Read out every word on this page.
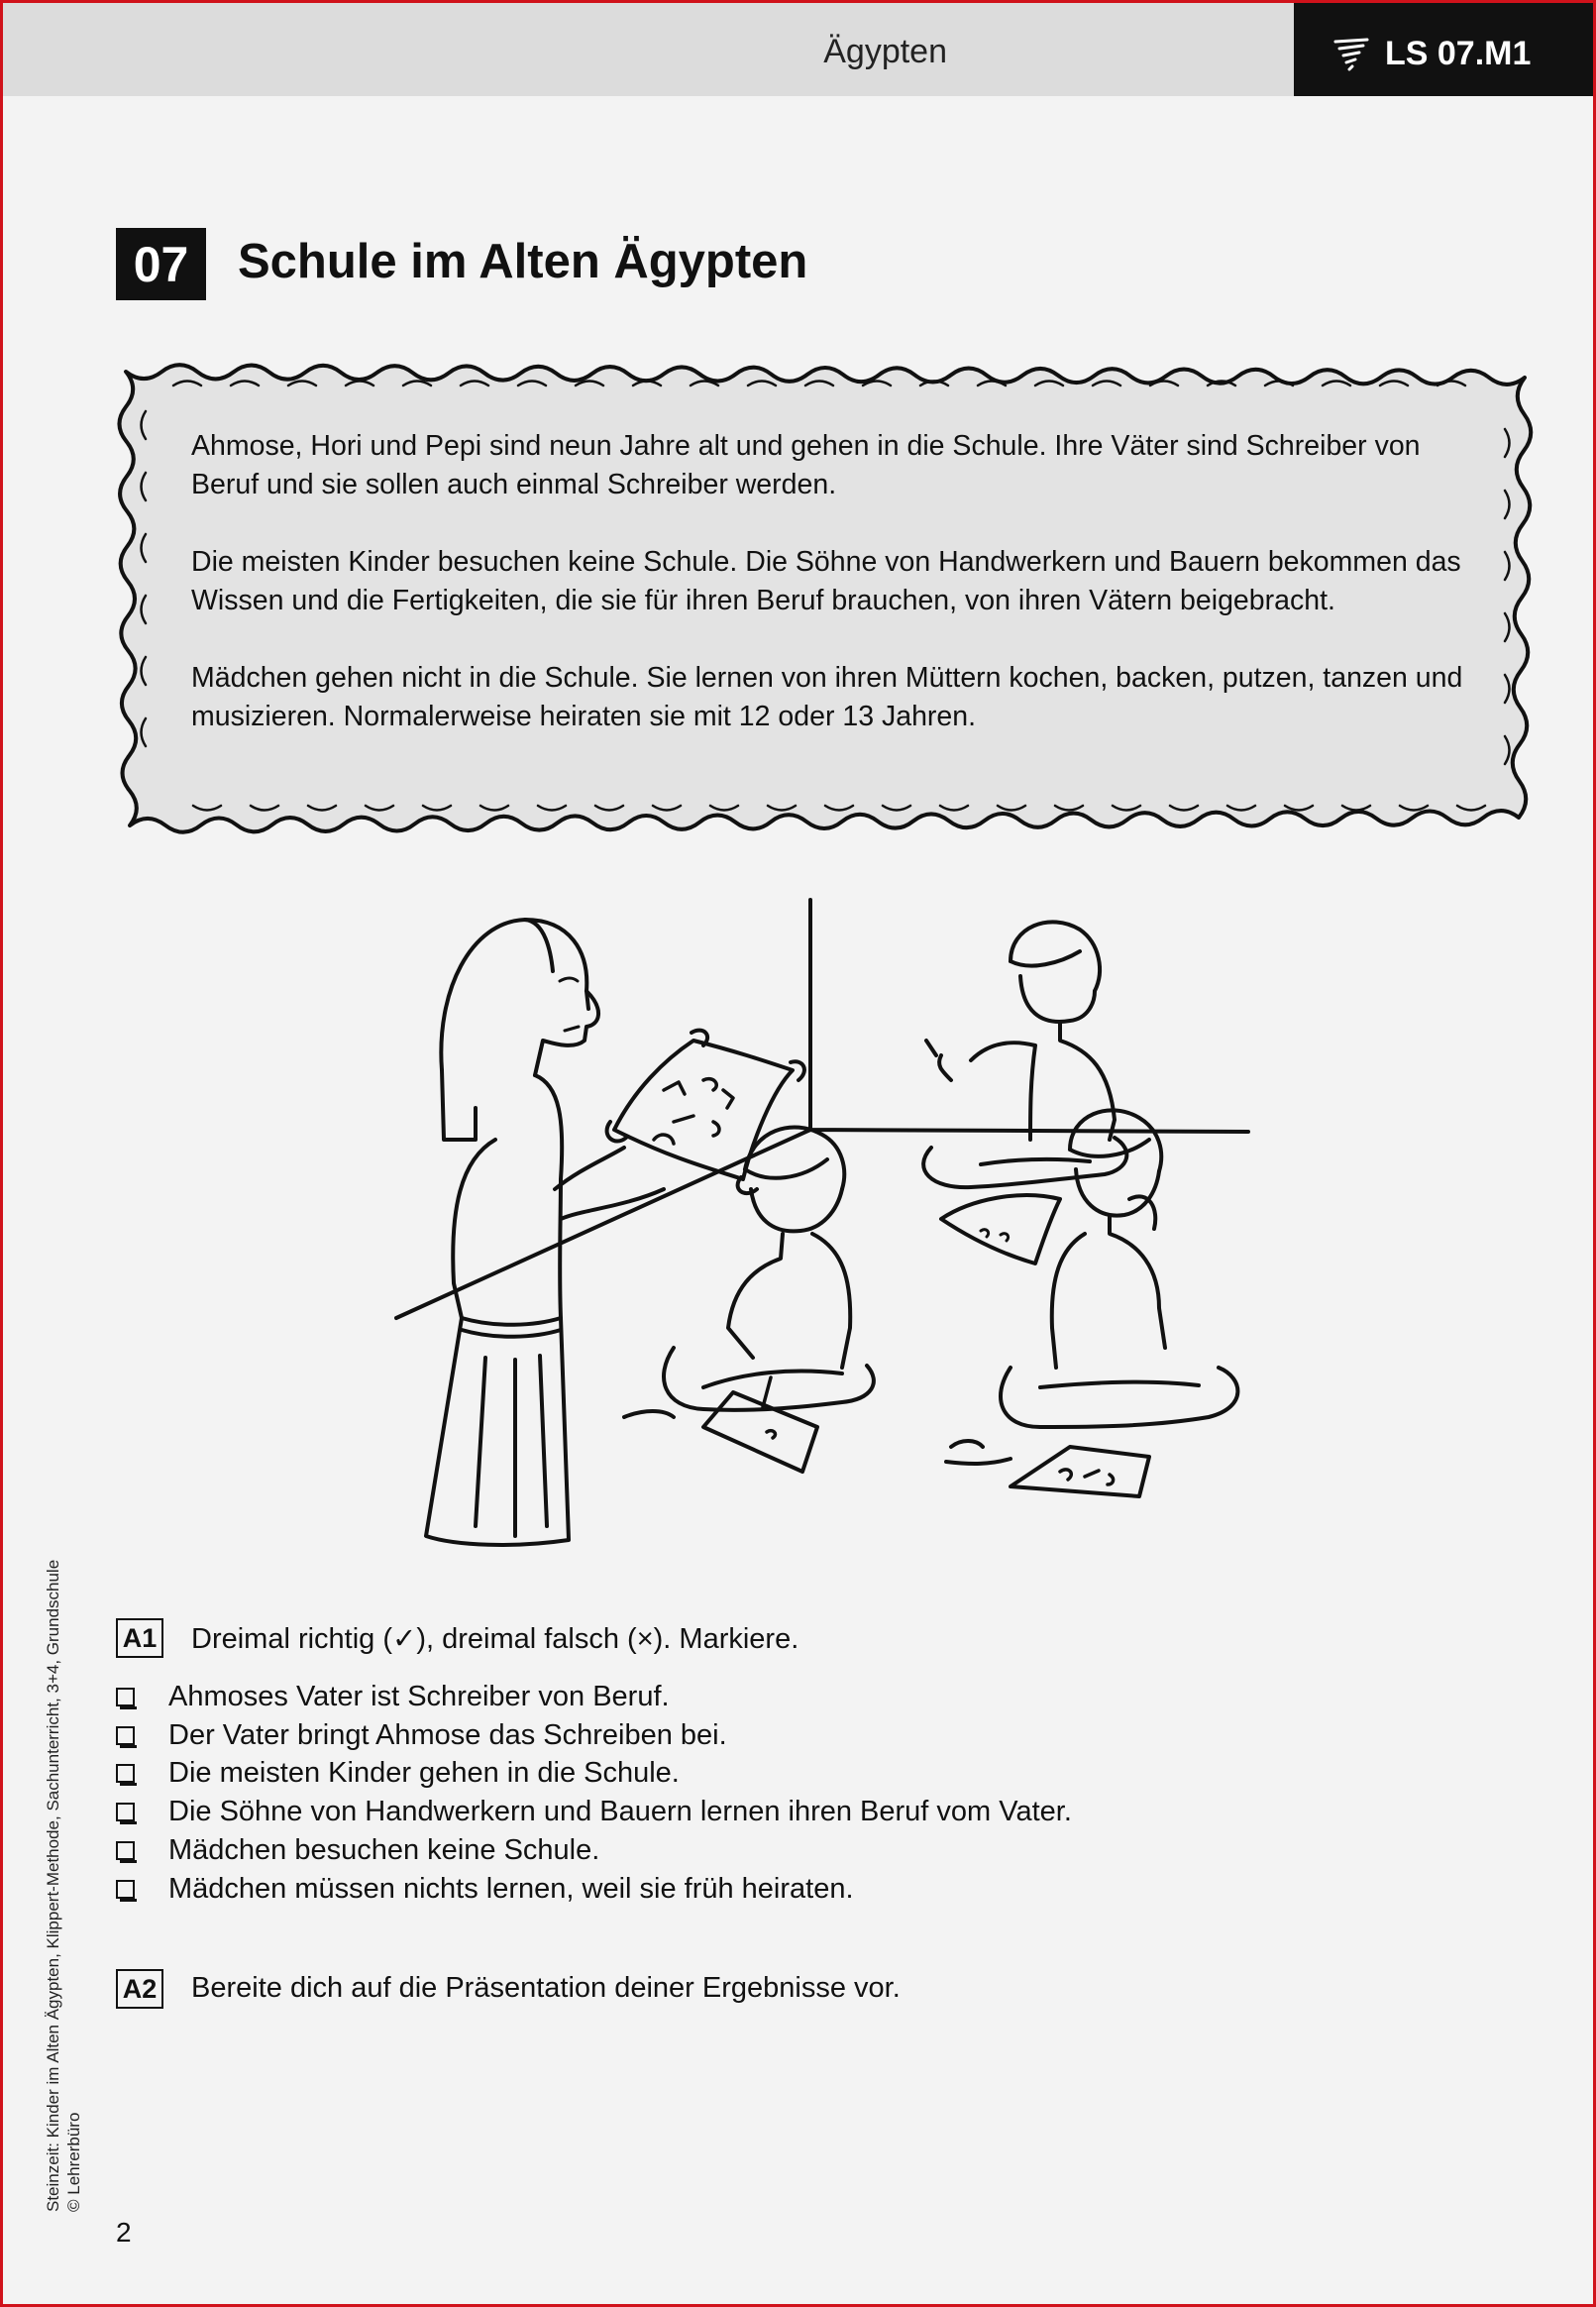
Ägypten	LS 07.M1
07	Schule im Alten Ägypten

Ahmose, Hori und Pepi sind neun Jahre alt und gehen in die Schule. Ihre Väter sind Schreiber von Beruf und sie sollen auch einmal Schreiber werden.

Die meisten Kinder besuchen keine Schule. Die Söhne von Handwerkern und Bauern bekommen das Wissen und die Fertigkeiten, die sie für ihren Beruf brauchen, von ihren Vätern beigebracht.

Mädchen gehen nicht in die Schule. Sie lernen von ihren Müttern kochen, backen, putzen, tanzen und musizieren. Normalerweise heiraten sie mit 12 oder 13 Jahren.

A1 Dreimal richtig (✓), dreimal falsch (×). Markiere.
Ahmoses Vater ist Schreiber von Beruf.
Der Vater bringt Ahmose das Schreiben bei.
Die meisten Kinder gehen in die Schule.
Die Söhne von Handwerkern und Bauern lernen ihren Beruf vom Vater.
Mädchen besuchen keine Schule.
Mädchen müssen nichts lernen, weil sie früh heiraten.
A2 Bereite dich auf die Präsentation deiner Ergebnisse vor.
Steinzeit: Kinder im Alten Ägypten, Klippert-Methode, Sachunterricht, 3+4, Grundschule © Lehrerbüro
2
